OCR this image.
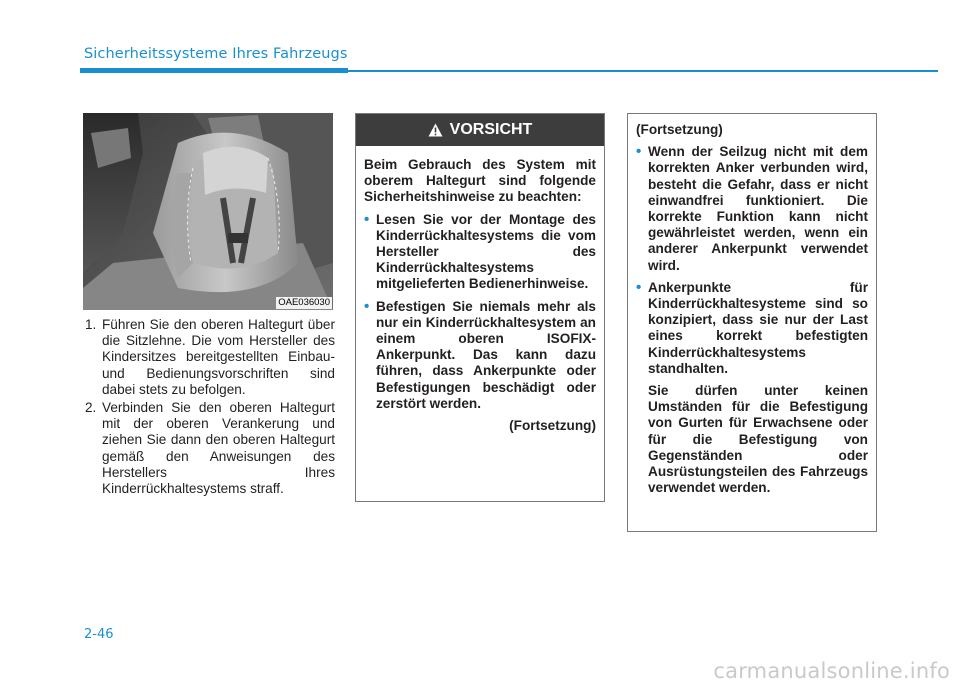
Sicherheitssysteme Ihres Fahrzeugs
OAE036030
1. Führen Sie den oberen Haltegurt über die Sitzlehne. Die vom Hersteller des Kindersitzes bereitgestellten Einbau- und Bedienungsvorschriften sind dabei stets zu befolgen.
2. Verbinden Sie den oberen Haltegurt mit der oberen Verankerung und ziehen Sie dann den oberen Haltegurt gemäß den Anweisungen des Herstellers Ihres Kinderrückhaltesystems straff.
VORSICHT
Beim Gebrauch des System mit oberem Haltegurt sind folgende Sicherheitshinweise zu beachten:
• Lesen Sie vor der Montage des Kinderrückhaltesystems die vom Hersteller des Kinderrückhaltesystems mitgelieferten Bedienerhinweise.
• Befestigen Sie niemals mehr als nur ein Kinderrückhaltesystem an einem oberen ISOFIX-Ankerpunkt. Das kann dazu führen, dass Ankerpunkte oder Befestigungen beschädigt oder zerstört werden.
(Fortsetzung)
(Fortsetzung)
• Wenn der Seilzug nicht mit dem korrekten Anker verbunden wird, besteht die Gefahr, dass er nicht einwandfrei funktioniert. Die korrekte Funktion kann nicht gewährleistet werden, wenn ein anderer Ankerpunkt verwendet wird.
• Ankerpunkte für Kinderrückhaltesysteme sind so konzipiert, dass sie nur der Last eines korrekt befestigten Kinderrückhaltesystems standhalten.
Sie dürfen unter keinen Umständen für die Befestigung von Gurten für Erwachsene oder für die Befestigung von Gegenständen oder Ausrüstungsteilen des Fahrzeugs verwendet werden.
2-46
carmanualsonline.info
